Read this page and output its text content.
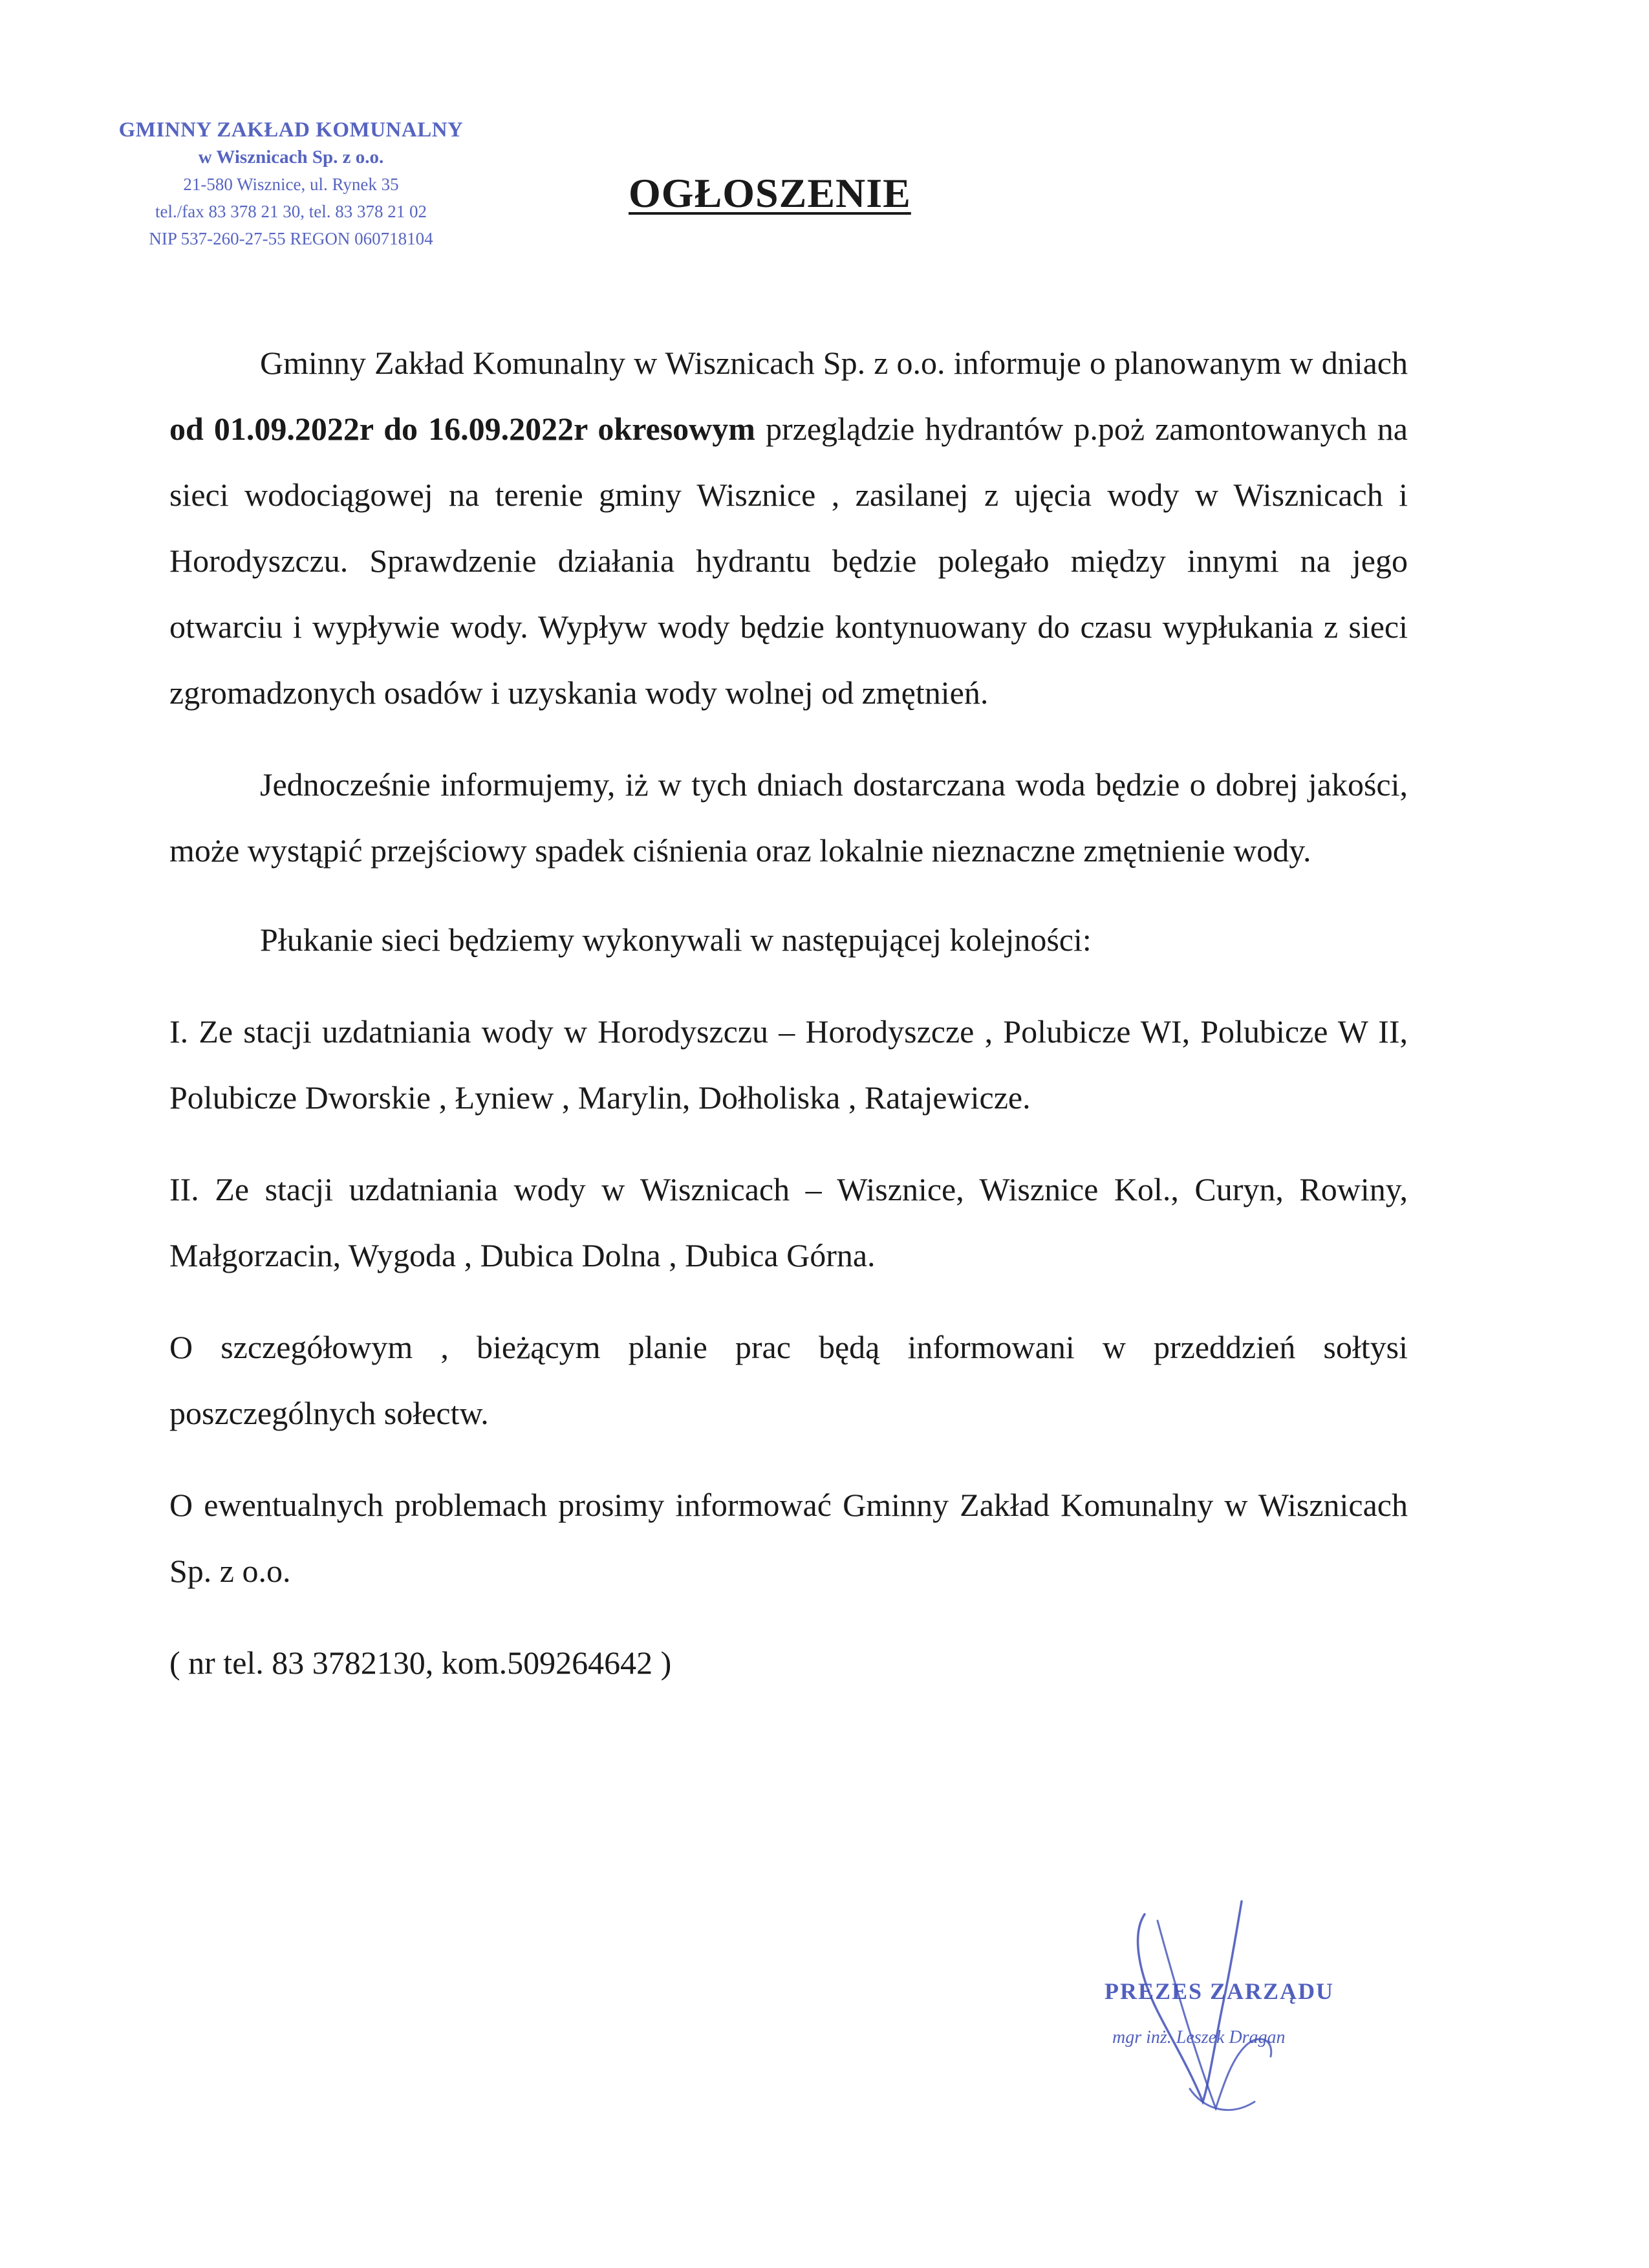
GMINNY ZAKŁAD KOMUNALNY
w Wisznicach Sp. z o.o.
21-580 Wisznice, ul. Rynek 35
tel./fax 83 378 21 30, tel. 83 378 21 02
NIP 537-260-27-55 REGON 060718104
OGŁOSZENIE

Gminny Zakład Komunalny w Wisznicach Sp. z o.o. informuje o planowanym w dniach od 01.09.2022r do 16.09.2022r okresowym przeglądzie hydrantów p.poż zamontowanych na sieci wodociągowej na terenie gminy Wisznice , zasilanej z ujęcia wody w Wisznicach i Horodyszczu. Sprawdzenie działania hydrantu będzie polegało między innymi na jego otwarciu i wypływie wody. Wypływ wody będzie kontynuowany do czasu wypłukania z sieci zgromadzonych osadów i uzyskania wody wolnej od zmętnień.

Jednocześnie informujemy, iż w tych dniach dostarczana woda będzie o dobrej jakości, może wystąpić przejściowy spadek ciśnienia oraz lokalnie nieznaczne zmętnienie wody.

Płukanie sieci będziemy wykonywali w następującej kolejności:

I. Ze stacji uzdatniania wody w Horodyszczu – Horodyszcze , Polubicze WI, Polubicze W II, Polubicze Dworskie , Łyniew , Marylin, Dołholiska , Ratajewicze.

II. Ze stacji uzdatniania wody w Wisznicach – Wisznice, Wisznice Kol., Curyn, Rowiny, Małgorzacin, Wygoda , Dubica Dolna , Dubica Górna.

O szczegółowym , bieżącym planie prac będą informowani w przeddzień sołtysi poszczególnych sołectw.

O ewentualnych problemach prosimy informować Gminny Zakład Komunalny w Wisznicach Sp. z o.o.

( nr tel. 83 3782130, kom.509264642 )

PREZES ZARZĄDU
mgr inż. Leszek Dragan
